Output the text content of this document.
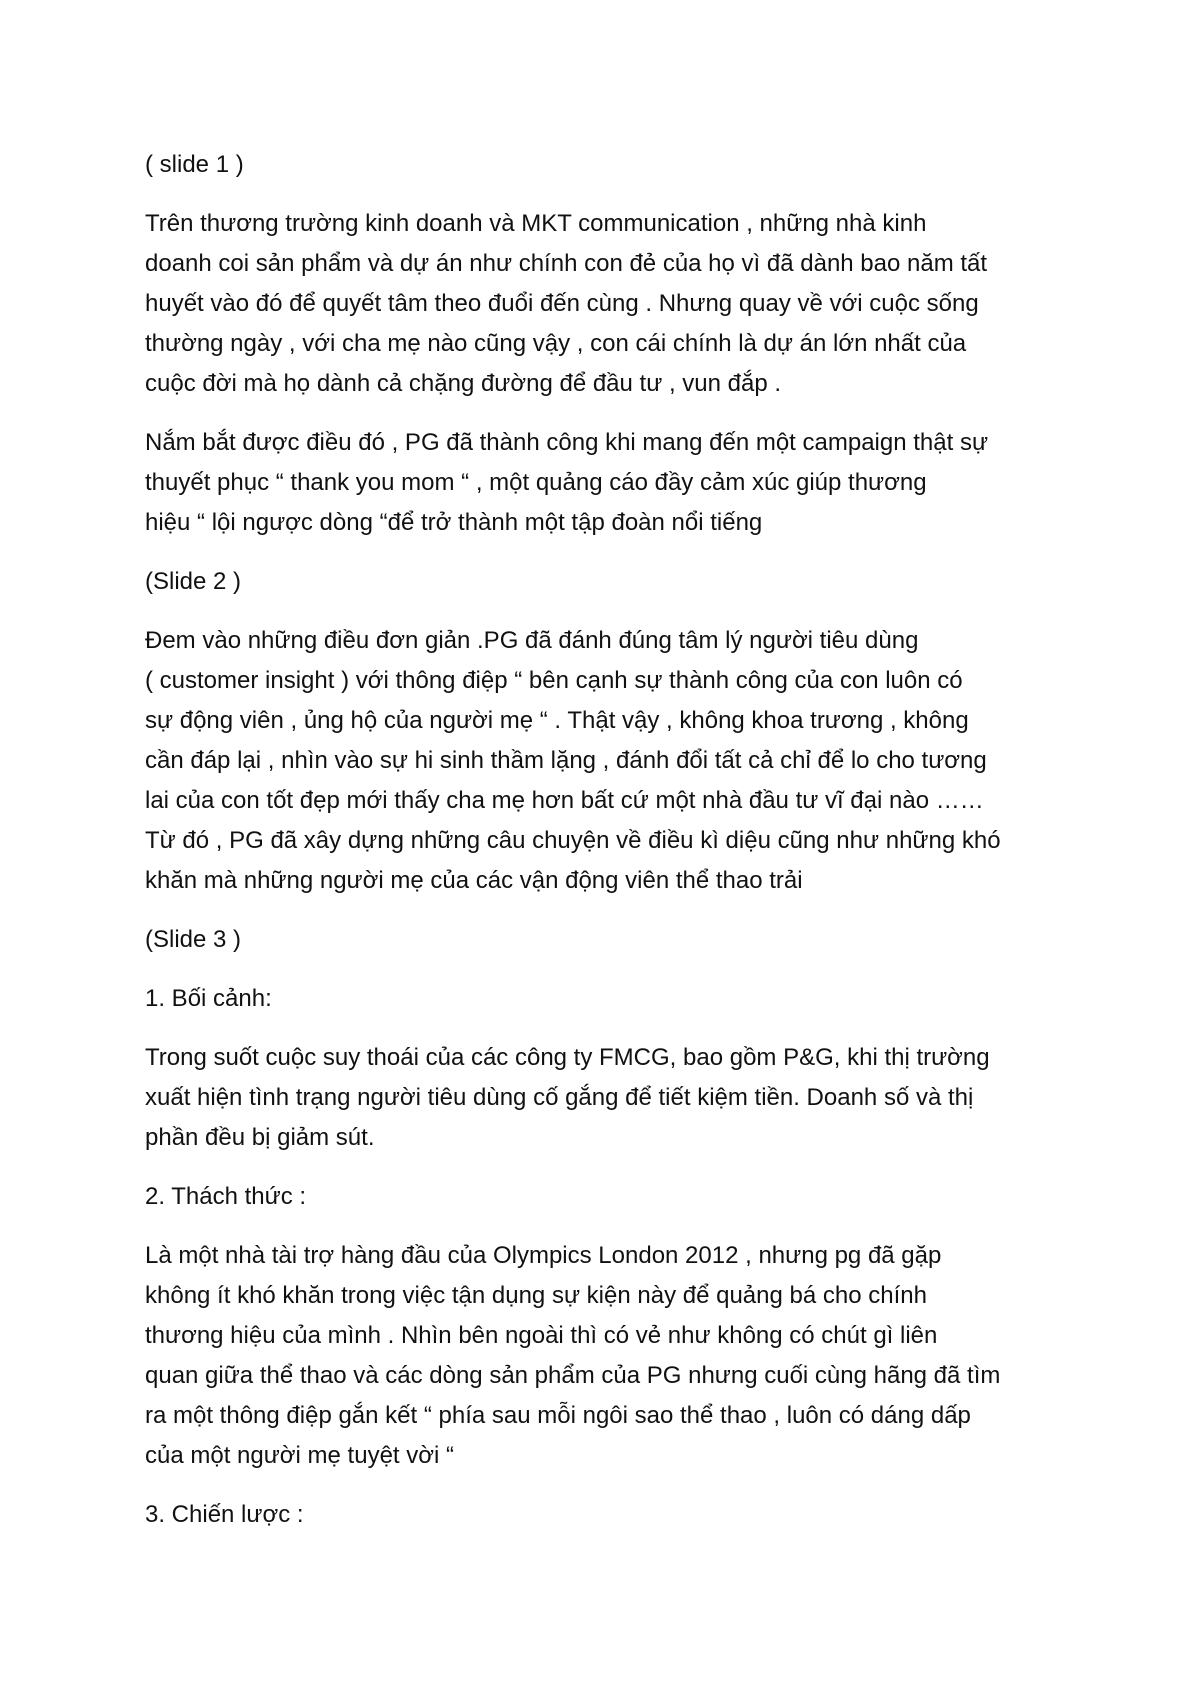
( slide 1 )

Trên thương trường kinh doanh và MKT communication , những nhà kinh
doanh coi sản phẩm và dự án như chính con đẻ của họ vì đã dành bao năm tất
huyết vào đó để quyết tâm theo đuổi đến cùng . Nhưng quay về với cuộc sống
thường ngày , với cha mẹ nào cũng vậy , con cái chính là dự án lớn nhất của
cuộc đời mà họ dành cả chặng đường để đầu tư , vun đắp .

Nắm bắt được điều đó , PG đã thành công khi mang đến một campaign thật sự
thuyết phục “ thank you mom “ , một quảng cáo đầy cảm xúc giúp thương
hiệu “ lội ngược dòng “để trở thành một tập đoàn nổi tiếng

(Slide 2 )

Đem vào những điều đơn giản .PG đã đánh đúng tâm lý người tiêu dùng
( customer insight ) với thông điệp “ bên cạnh sự thành công của con luôn có
sự động viên , ủng hộ của người mẹ “ . Thật vậy , không khoa trương , không
cần đáp lại , nhìn vào sự hi sinh thầm lặng , đánh đổi tất cả chỉ để lo cho tương
lai của con tốt đẹp mới thấy cha mẹ hơn bất cứ một nhà đầu tư vĩ đại nào ……
Từ đó , PG đã xây dựng những câu chuyện về điều kì diệu cũng như những khó
khăn mà những người mẹ của các vận động viên thể thao trải

(Slide 3 )

1. Bối cảnh:

Trong suốt cuộc suy thoái của các công ty FMCG, bao gồm P&G, khi thị trường
xuất hiện tình trạng người tiêu dùng cố gắng để tiết kiệm tiền. Doanh số và thị
phần đều bị giảm sút.

2. Thách thức :

Là một nhà tài trợ hàng đầu của Olympics London 2012 , nhưng pg đã gặp
không ít khó khăn trong việc tận dụng sự kiện này để quảng bá cho chính
thương hiệu của mình . Nhìn bên ngoài thì có vẻ như không có chút gì liên
quan giữa thể thao và các dòng sản phẩm của PG nhưng cuối cùng hãng đã tìm
ra một thông điệp gắn kết “ phía sau mỗi ngôi sao thể thao , luôn có dáng dấp
của một người mẹ tuyệt vời “

3. Chiến lược :
